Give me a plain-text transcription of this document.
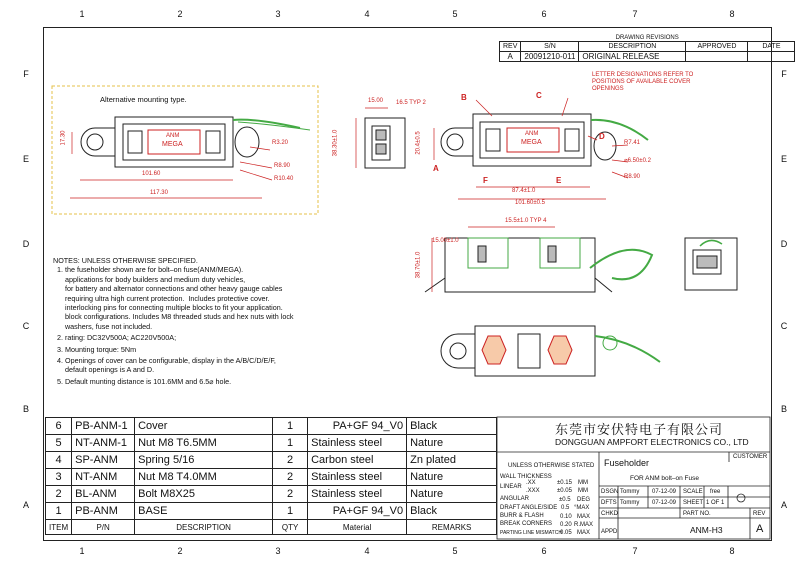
1	2	3	4	5	6	7	8
1	2	3	4	5	6	7	8
F
E
D
C
B
A
F
E
D
C
B
A
DRAWING REVISIONS				
REV	S/N	DESCRIPTION	APPROVED	DATE
A	20091210-011	ORIGINAL RELEASE		
Alternative mounting type.
ANM
MEGA
ANM
MEGA
17.30
101.60
117.30
R3.20
R8.90
R10.40
15.00 16.5 TYP 2
38.30±1.0	20.4±0.5
87.4±1.0
101.60±0.5
R7.41
⌀6.50±0.2
R8.90
B	C
A
D
F	E
LETTER DESIGNATIONS REFER TO POSITIONS OF AVAILABLE COVER OPENINGS
15.5±1.0 TYP 4
15.00±1.0
38.70±1.0
NOTES: UNLESS OTHERWISE SPECIFIED.
1. the fuseholder shown are for bolt–on fuse(ANM/MEGA).
applications for body builders and medium duty vehicles,
for battery and alternator connections and other heavy gauge cables
requiring ultra high current protection.  Includes protective cover.
interlocking pins for connecting multiple blocks to fit your application.
block configurations. Includes M8 threaded studs and hex nuts with lock
washers, fuse not included.
2. rating: DC32V500A; AC220V500A;
3. Mounting torque: 5Nm
4. Openings of cover can be configurable, display in the A/B/C/D/E/F,
default openings is A and D.
5. Default munting distance is 101.6MM and 6.5⌀ hole.
6	PB-ANM-1	Cover	1	PA+GF 94_V0	Black
5	NT-ANM-1	Nut M8 T6.5MM	1	Stainless steel	Nature
4	SP-ANM	Spring 5/16	2	Carbon steel	Zn plated
3	NT-ANM	Nut M8 T4.0MM	2	Stainless steel	Nature
2	BL-ANM	Bolt M8X25	2	Stainless steel	Nature
1	PB-ANM	BASE	1	PA+GF 94_V0	Black
ITEM	P/N	DESCRIPTION	QTY	Material	REMARKS
东莞市安伏特电子有限公司
DONGGUAN AMPFORT ELECTRONICS CO., LTD
UNLESS OTHERWISE STATED
WALL THICKNESS
LINEAR
.XX	±0.15 MM
.XXX	±0.05 MM
ANGULAR	±0.5 DEG
DRAFT ANGLE/SIDE 0.5 °MAX
BURR & FLASH	0.10 MAX
BREAK CORNERS 0.20 R.MAX
PARTING LINE MISMATCH
0.05 MAX
Fuseholder
FOR ANM bolt–on Fuse
CUSTOMER
DSGN Tommy 07-12-09
DFTS Tommy 07-12-09
CHKD
APPD
SCALE free
SHEET 1 OF 1
PART NO.	REV
ANM-H3	A
